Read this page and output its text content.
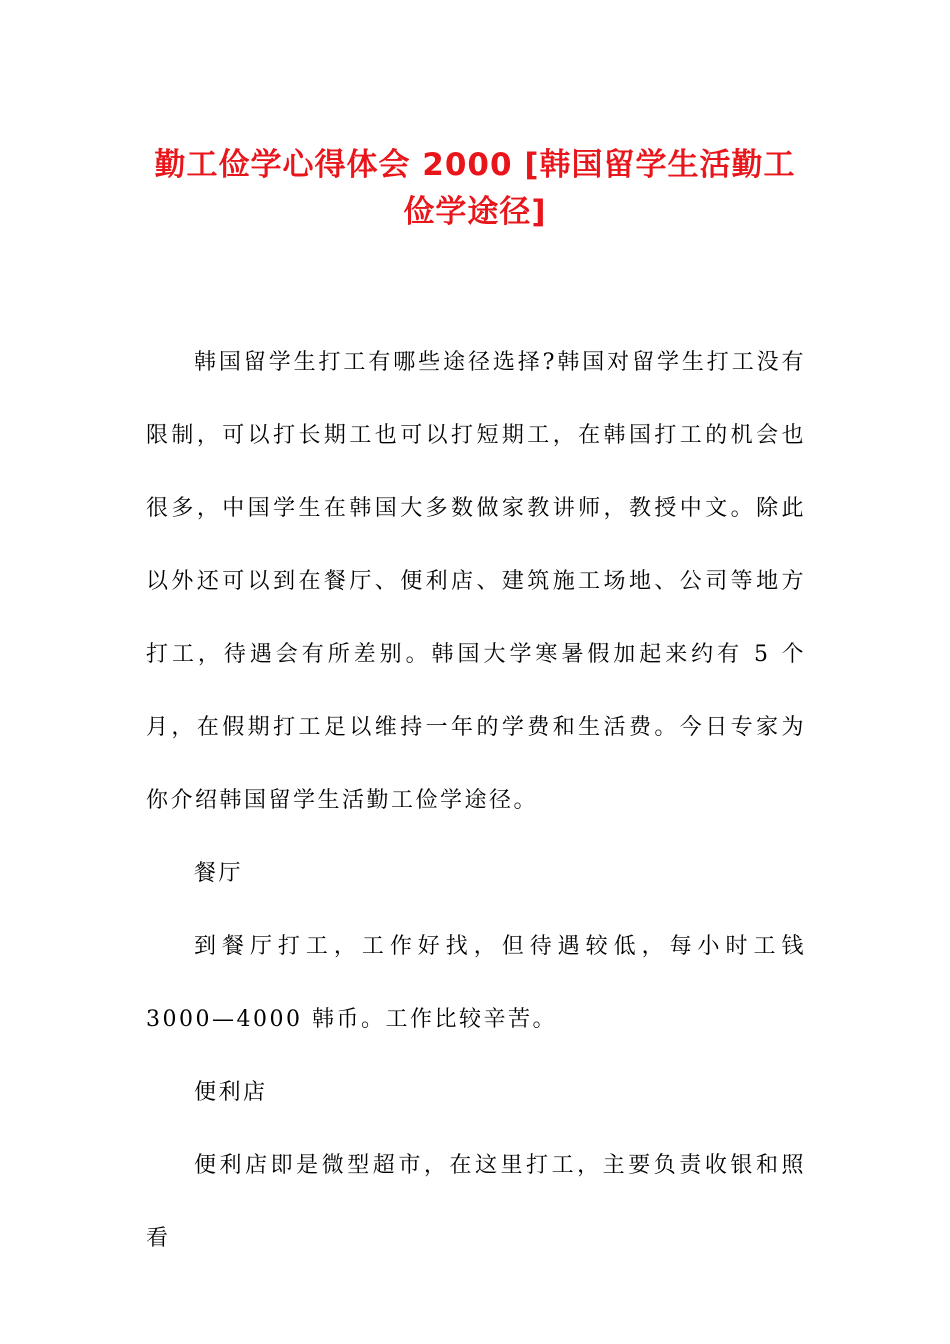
勤工俭学心得体会 2000 [韩国留学生活勤工
俭学途径]

韩国留学生打工有哪些途径选择?韩国对留学生打工没有限制，可以打长期工也可以打短期工，在韩国打工的机会也很多，中国学生在韩国大多数做家教讲师，教授中文。除此以外还可以到在餐厅、便利店、建筑施工场地、公司等地方打工，待遇会有所差别。韩国大学寒暑假加起来约有 5 个月，在假期打工足以维持一年的学费和生活费。今日专家为你介绍韩国留学生活勤工俭学途径。

餐厅

到餐厅打工，工作好找，但待遇较低，每小时工钱 3000—4000 韩币。工作比较辛苦。

便利店

便利店即是微型超市，在这里打工，主要负责收银和照看
